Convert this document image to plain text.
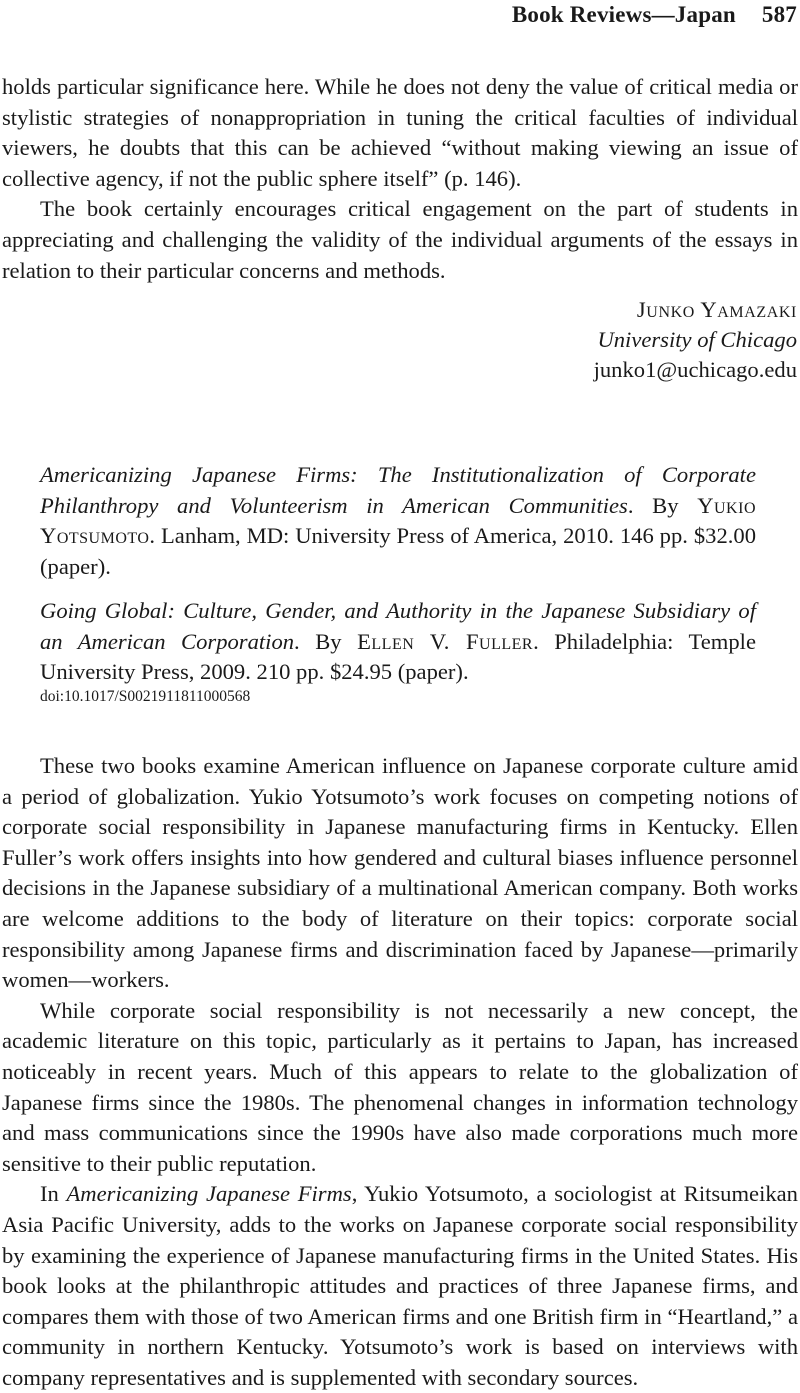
Book Reviews—Japan 587

holds particular significance here. While he does not deny the value of critical media or stylistic strategies of nonappropriation in tuning the critical faculties of individual viewers, he doubts that this can be achieved “without making viewing an issue of collective agency, if not the public sphere itself” (p. 146).

The book certainly encourages critical engagement on the part of students in appreciating and challenging the validity of the individual arguments of the essays in relation to their particular concerns and methods.

Junko Yamazaki
University of Chicago
junko1@uchicago.edu
Americanizing Japanese Firms: The Institutionalization of Corporate Philanthropy and Volunteerism in American Communities. By Yukio Yotsumoto. Lanham, MD: University Press of America, 2010. 146 pp. $32.00 (paper).
Going Global: Culture, Gender, and Authority in the Japanese Subsidiary of an American Corporation. By Ellen V. Fuller. Philadelphia: Temple University Press, 2009. 210 pp. $24.95 (paper).
doi:10.1017/S0021911811000568

These two books examine American influence on Japanese corporate culture amid a period of globalization. Yukio Yotsumoto’s work focuses on competing notions of corporate social responsibility in Japanese manufacturing firms in Kentucky. Ellen Fuller’s work offers insights into how gendered and cultural biases influence personnel decisions in the Japanese subsidiary of a multinational American company. Both works are welcome additions to the body of literature on their topics: corporate social responsibility among Japanese firms and discrimination faced by Japanese—primarily women—workers.

While corporate social responsibility is not necessarily a new concept, the academic literature on this topic, particularly as it pertains to Japan, has increased noticeably in recent years. Much of this appears to relate to the globalization of Japanese firms since the 1980s. The phenomenal changes in information technology and mass communications since the 1990s have also made corporations much more sensitive to their public reputation.

In Americanizing Japanese Firms, Yukio Yotsumoto, a sociologist at Ritsumeikan Asia Pacific University, adds to the works on Japanese corporate social responsibility by examining the experience of Japanese manufacturing firms in the United States. His book looks at the philanthropic attitudes and practices of three Japanese firms, and compares them with those of two American firms and one British firm in “Heartland,” a community in northern Kentucky. Yotsumoto’s work is based on interviews with company representatives and is supplemented with secondary sources.
